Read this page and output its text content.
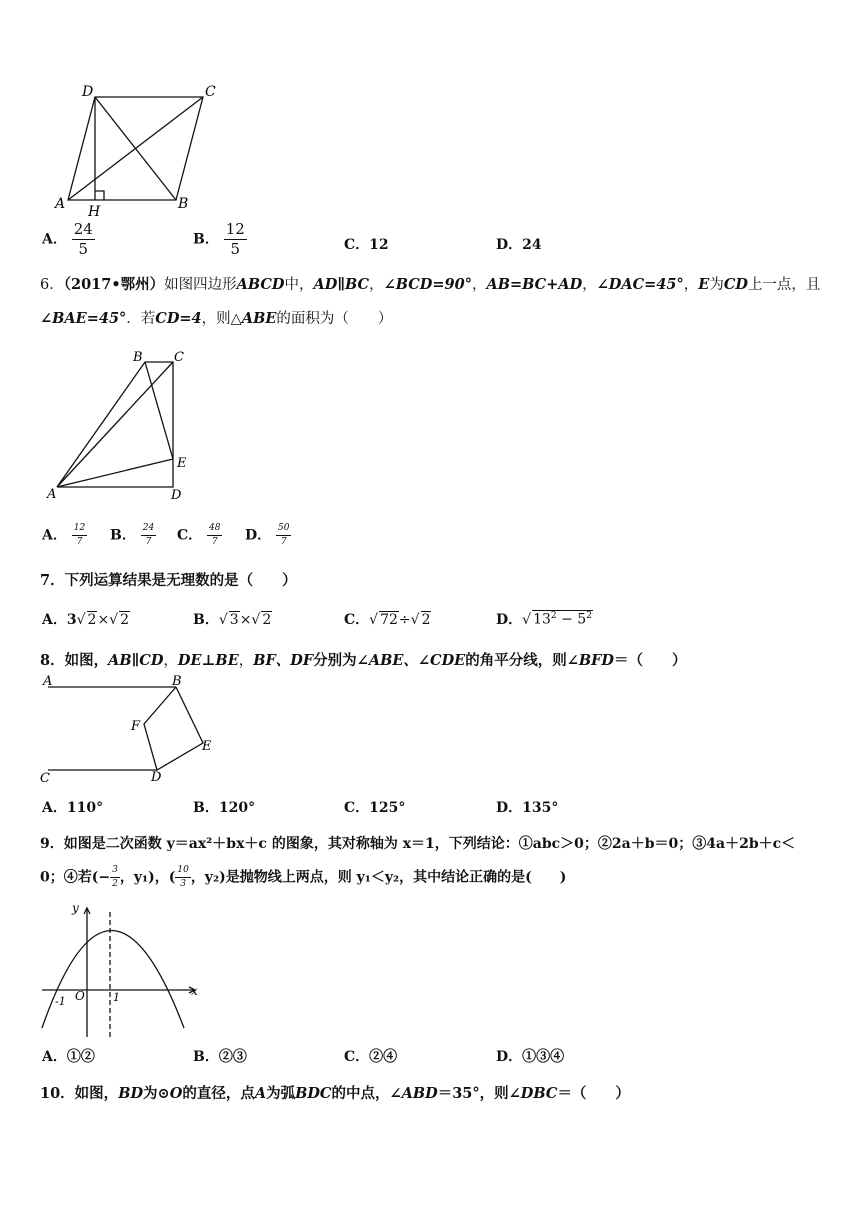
D	C
A H	B
A． $\frac{24}{5}$	B． $\frac{12}{5}$	C．12	D．24
6．（2017•鄂州）如图四边形ABCD中，AD∥BC，∠BCD=90°，AB=BC+AD，∠DAC=45°，E为CD上一点，且
∠BAE=45°．若CD=4，则△ABE的面积为（　　）
B C
E
A	D
A． $\frac{12}{7}$ B． $\frac{24}{7}$ C． $\frac{48}{7}$ D． $\frac{50}{7}$
7．下列运算结果是无理数的是（　　）
A．3√ 2×√ 2	B．√ 3×√ 2	C．√ 72÷√ 2	D．√ $13^2 - 5^2$
8．如图，AB∥CD，DE⊥BE，BF、DF分别为∠ABE、∠CDE的角平分线，则∠BFD＝（　　）
A	B
F
E
C	D
A．110°	B．120°	C．125°	D．135°
9．如图是二次函数 y＝ax²＋bx＋c 的图象，其对称轴为 x＝1，下列结论：①abc＞0；②2a＋b＝0；③4a＋2b＋c＜
0；④若(− $\frac{3}{2}$ ，y₁)，( $\frac{10}{3}$ ，y₂)是抛物线上两点，则 y₁＜y₂，其中结论正确的是(　　)
y
x
-1 O	1
A．①②	B．②③	C．②④	D．①③④
10．如图，BD为⊙O的直径，点A为弧BDC的中点，∠ABD＝35°，则∠DBC＝（　　）
